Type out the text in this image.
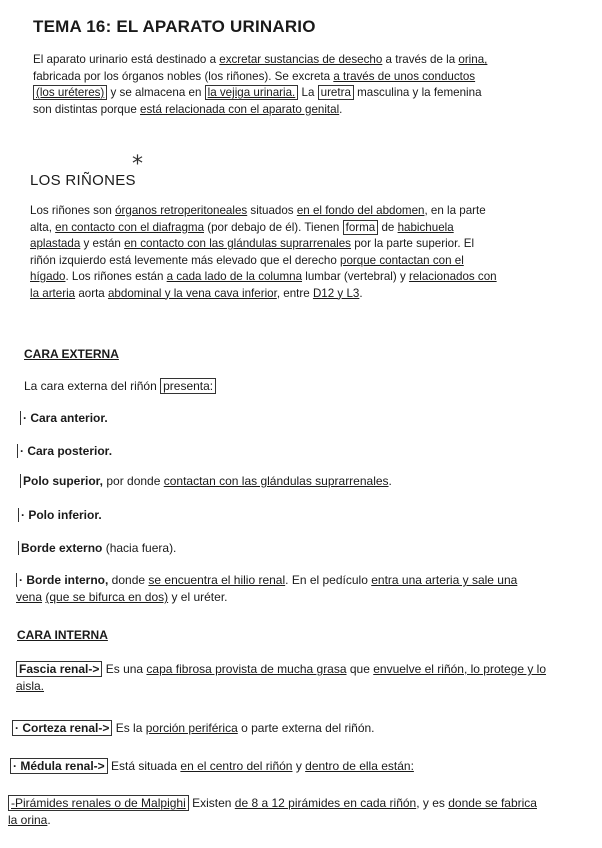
TEMA 16: EL APARATO URINARIO

El aparato urinario está destinado a excretar sustancias de desecho a través de la orina, fabricada por los órganos nobles (los riñones). Se excreta a través de unos conductos (los uréteres) y se almacena en la vejiga urinaria. La uretra masculina y la femenina son distintas porque está relacionada con el aparato genital.

LOS RIÑONES
*

Los riñones son órganos retroperitoneales situados en el fondo del abdomen, en la parte alta, en contacto con el diafragma (por debajo de él). Tienen forma de habichuela aplastada y están en contacto con las glándulas suprarrenales por la parte superior. El riñón izquierdo está levemente más elevado que el derecho porque contactan con el hígado. Los riñones están a cada lado de la columna lumbar (vertebral) y relacionados con la arteria aorta abdominal y la vena cava inferior, entre D12 y L3.

CARA EXTERNA

La cara externa del riñón presenta:

· Cara anterior.

· Cara posterior.

Polo superior, por donde contactan con las glándulas suprarrenales.

· Polo inferior.

Borde externo (hacia fuera).

· Borde interno, donde se encuentra el hilio renal. En el pedículo entra una arteria y sale una vena (que se bifurca en dos) y el uréter.

CARA INTERNA

Fascia renal-> Es una capa fibrosa provista de mucha grasa que envuelve el riñón, lo protege y lo aisla.

· Corteza renal-> Es la porción periférica o parte externa del riñón.

· Médula renal-> Está situada en el centro del riñón y dentro de ella están:

-Pirámides renales o de Malpighi Existen de 8 a 12 pirámides en cada riñón, y es donde se fabrica la orina.
